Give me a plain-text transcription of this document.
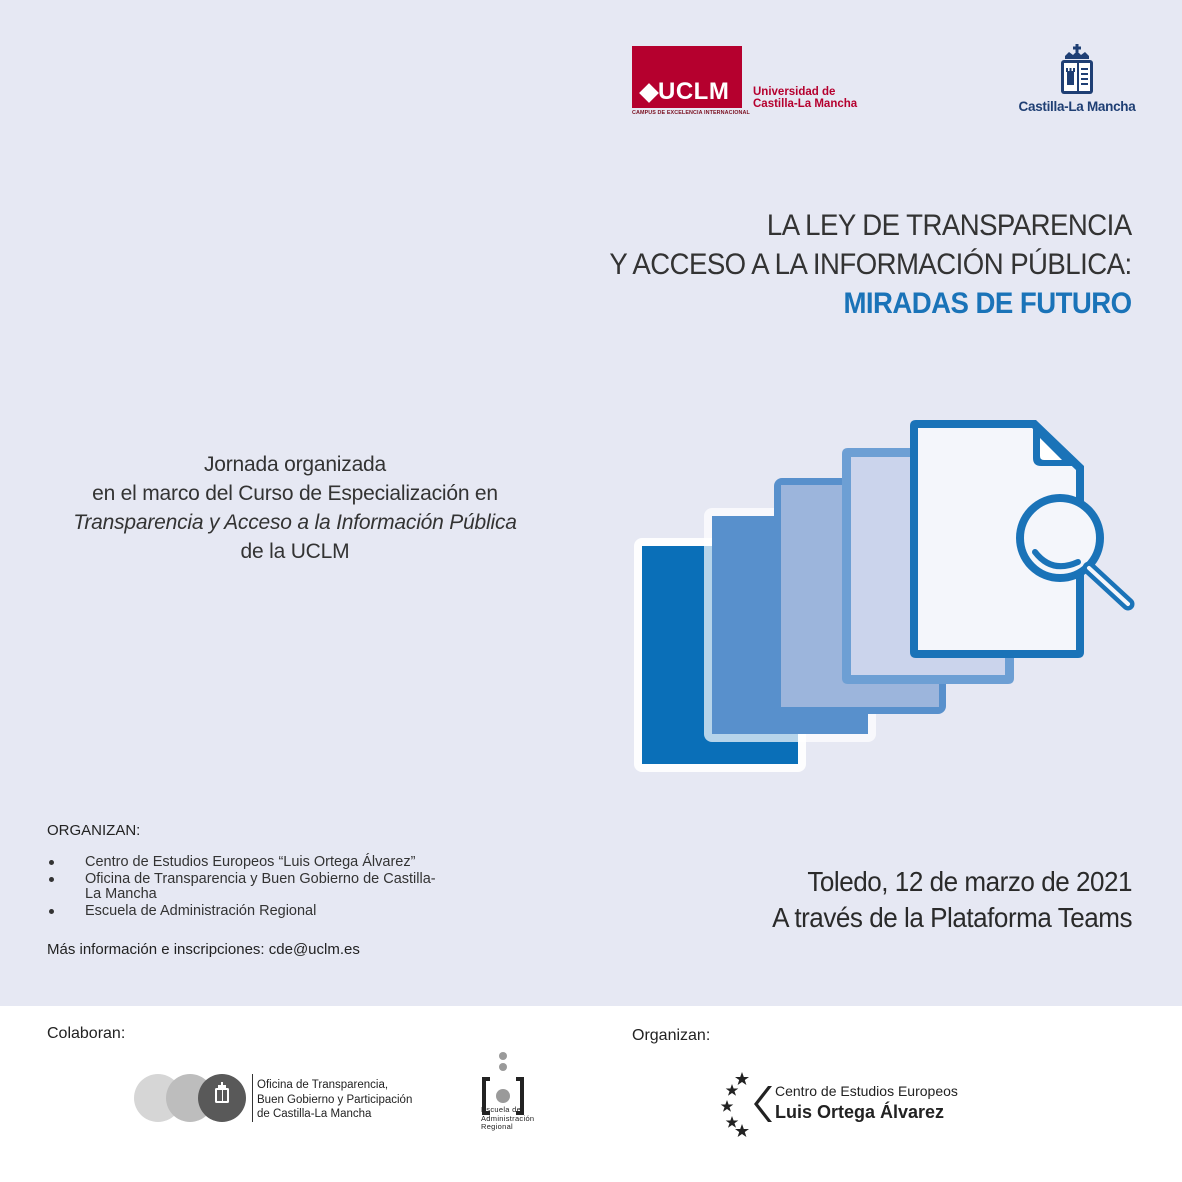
UCLM
CAMPUS DE EXCELENCIA INTERNACIONAL
Universidad de
Castilla-La Mancha	Castilla-La Mancha
LA LEY DE TRANSPARENCIA
Y ACCESO A LA INFORMACIÓN PÚBLICA:
MIRADAS DE FUTURO
Jornada organizada
en el marco del Curso de Especialización en
Transparencia y Acceso a la Información Pública
de la UCLM
ORGANIZAN:
Centro de Estudios Europeos “Luis Ortega Álvarez”
Oficina de Transparencia y Buen Gobierno de Castilla-La Mancha
Escuela de Administración Regional
Más información e inscripciones: cde@uclm.es
Toledo, 12 de marzo de 2021
A través de la Plataforma Teams
Colaboran:	Organizan:
Oficina de Transparencia,
Buen Gobierno y Participación
de Castilla-La Mancha	Escuela de
Administración
Regional
Centro de Estudios Europeos
Luis Ortega Álvarez
